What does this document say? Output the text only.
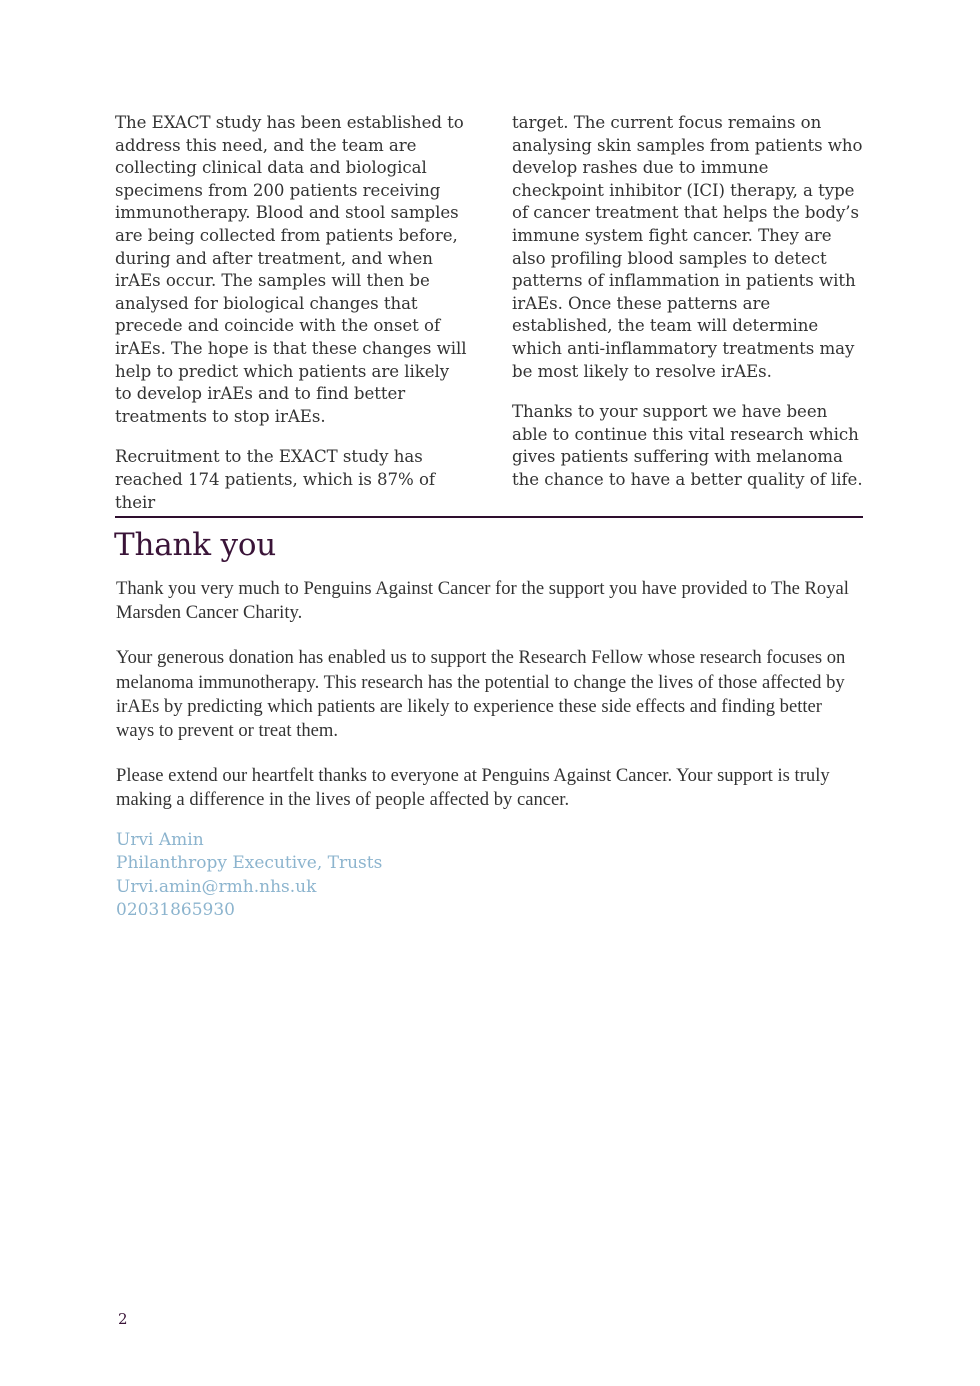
The EXACT study has been established to address this need, and the team are collecting clinical data and biological specimens from 200 patients receiving immunotherapy. Blood and stool samples are being collected from patients before, during and after treatment, and when irAEs occur. The samples will then be analysed for biological changes that precede and coincide with the onset of irAEs. The hope is that these changes will help to predict which patients are likely to develop irAEs and to find better treatments to stop irAEs.

Recruitment to the EXACT study has reached 174 patients, which is 87% of their

target. The current focus remains on analysing skin samples from patients who develop rashes due to immune checkpoint inhibitor (ICI) therapy, a type of cancer treatment that helps the body’s immune system fight cancer. They are also profiling blood samples to detect patterns of inflammation in patients with irAEs. Once these patterns are established, the team will determine which anti-inflammatory treatments may be most likely to resolve irAEs.

Thanks to your support we have been able to continue this vital research which gives patients suffering with melanoma the chance to have a better quality of life.

Thank you

Thank you very much to Penguins Against Cancer for the support you have provided to The Royal Marsden Cancer Charity.

Your generous donation has enabled us to support the Research Fellow whose research focuses on melanoma immunotherapy. This research has the potential to change the lives of those affected by irAEs by predicting which patients are likely to experience these side effects and finding better ways to prevent or treat them.

Please extend our heartfelt thanks to everyone at Penguins Against Cancer. Your support is truly making a difference in the lives of people affected by cancer.

Urvi Amin
Philanthropy Executive, Trusts
Urvi.amin@rmh.nhs.uk
02031865930
2
